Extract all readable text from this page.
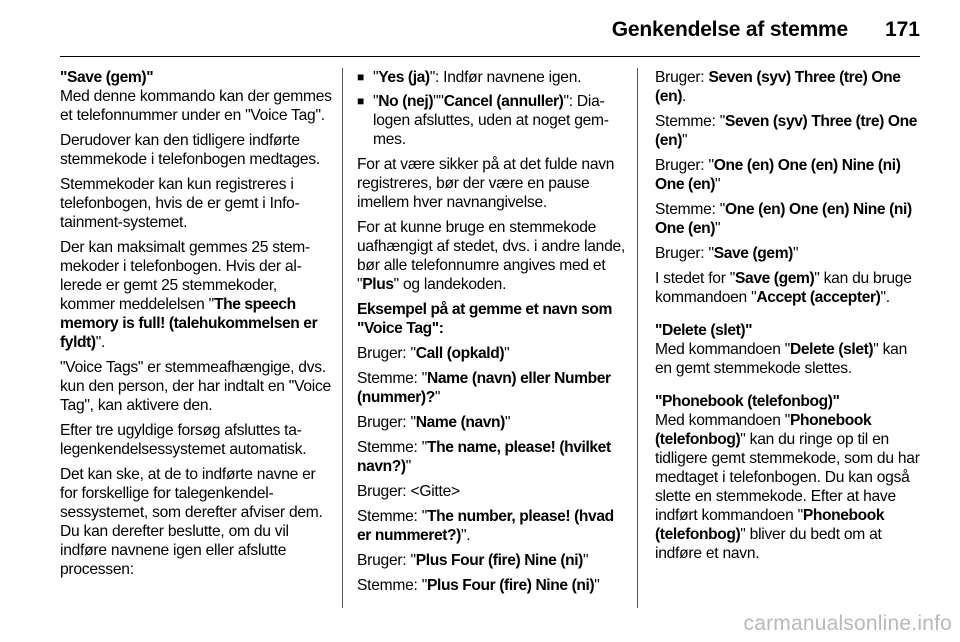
Genkendelse af stemme 171
"Save (gem)"

Med denne kommando kan der gemmes et telefonnummer under en "Voice Tag".

Derudover kan den tidligere indførte stemmekode i telefonbogen medtages.

Stemmekoder kan kun registreres i telefonbogen, hvis de er gemt i Infotainment-systemet.

Der kan maksimalt gemmes 25 stemmekoder i telefonbogen. Hvis der allerede er gemt 25 stemmekoder, kommer meddelelsen "The speech memory is full! (talehukommelsen er fyldt)".

"Voice Tags" er stemmeafhængige, dvs. kun den person, der har indtalt en "Voice Tag", kan aktivere den.

Efter tre ugyldige forsøg afsluttes talegenkendelsessystemet automatisk.

Det kan ske, at de to indførte navne er for forskellige for talegenkendelsessystemet, som derefter afviser dem. Du kan derefter beslutte, om du vil indføre navnene igen eller afslutte processen:

■ "Yes (ja)": Indfør navnene igen.
■ "No (nej)""Cancel (annuller)": Dialogen afsluttes, uden at noget gemmes.

For at være sikker på at det fulde navn registreres, bør der være en pause imellem hver navnangivelse.

For at kunne bruge en stemmekode uafhængigt af stedet, dvs. i andre lande, bør alle telefonnumre angives med et "Plus" og landekoden.

Eksempel på at gemme et navn som "Voice Tag":

Bruger: "Call (opkald)"

Stemme: "Name (navn) eller Number (nummer)?"

Bruger: "Name (navn)"

Stemme: "The name, please! (hvilket navn?)"

Bruger: <Gitte>

Stemme: "The number, please! (hvad er nummeret?)".

Bruger: "Plus Four (fire) Nine (ni)"

Stemme: "Plus Four (fire) Nine (ni)"

Bruger: Seven (syv) Three (tre) One (en).

Stemme: "Seven (syv) Three (tre) One (en)"

Bruger: "One (en) One (en) Nine (ni) One (en)"

Stemme: "One (en) One (en) Nine (ni) One (en)"

Bruger: "Save (gem)"

I stedet for "Save (gem)" kan du bruge kommandoen "Accept (accepter)".

"Delete (slet)"

Med kommandoen "Delete (slet)" kan en gemt stemmekode slettes.

"Phonebook (telefonbog)"

Med kommandoen "Phonebook (telefonbog)" kan du ringe op til en tidligere gemt stemmekode, som du har medtaget i telefonbogen. Du kan også slette en stemmekode. Efter at have indført kommandoen "Phonebook (telefonbog)" bliver du bedt om at indføre et navn.

carmanualsonline.info
